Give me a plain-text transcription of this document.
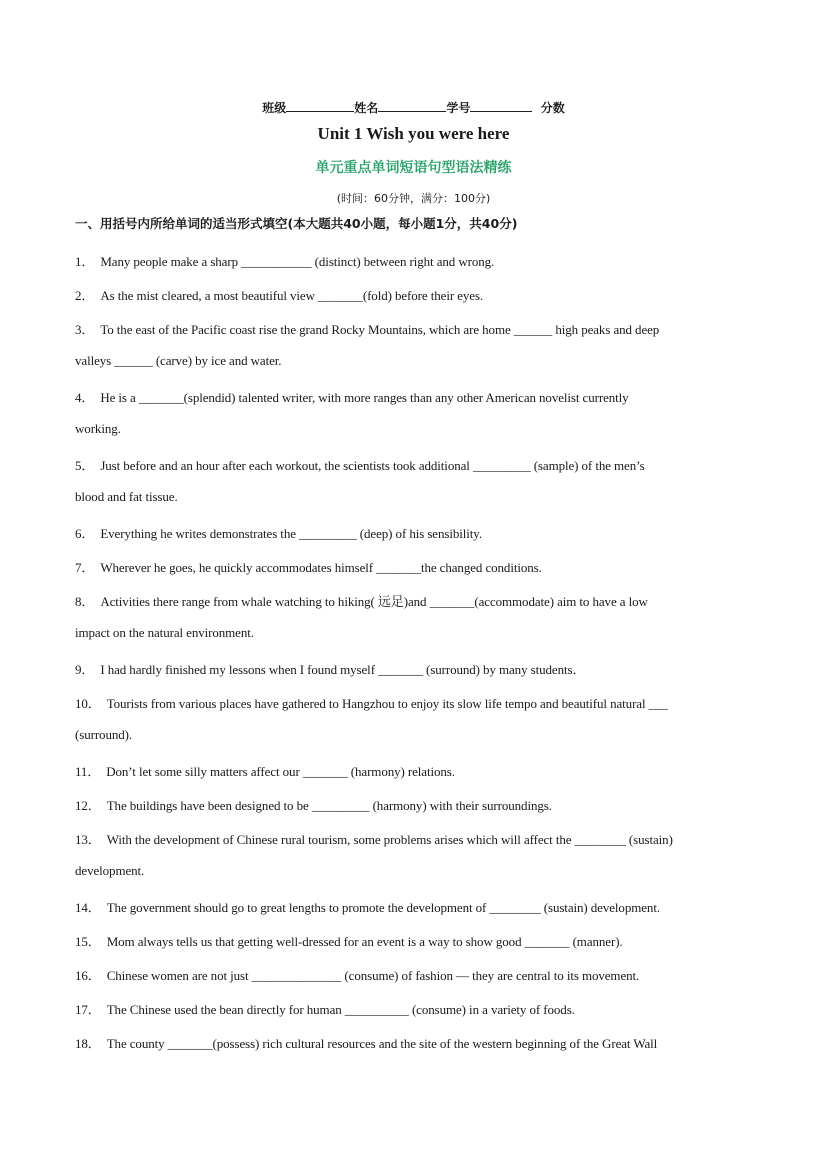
班级	姓名	学号	分数
Unit 1 Wish you were here
单元重点单词短语句型语法精练
(时间：60分钟，满分：100分)
一、用括号内所给单词的适当形式填空(本大题共40小题，每小题1分，共40分)
1． Many people make a sharp ___________ (distinct) between right and wrong.
2． As the mist cleared, a most beautiful view _______(fold) before their eyes.
3． To the east of the Pacific coast rise the grand Rocky Mountains, which are home ______ high peaks and deep
valleys ______ (carve) by ice and water.
4． He is a _______(splendid) talented writer, with more ranges than any other American novelist currently
working.
5． Just before and an hour after each workout, the scientists took additional _________ (sample) of the men’s
blood and fat tissue.
6． Everything he writes demonstrates the _________ (deep) of his sensibility.
7． Wherever he goes, he quickly accommodates himself _______the changed conditions.
8． Activities there range from whale watching to hiking( 远足)and _______(accommodate) aim to have a low
impact on the natural environment.
9． I had hardly finished my lessons when I found myself _______ (surround) by many students．
10． Tourists from various places have gathered to Hangzhou to enjoy its slow life tempo and beautiful natural ___
(surround).
11． Don’t let some silly matters affect our _______ (harmony) relations.
12． The buildings have been designed to be _________ (harmony) with their surroundings.
13． With the development of Chinese rural tourism, some problems arises which will affect the ________ (sustain)
development.
14． The government should go to great lengths to promote the development of ________ (sustain) development.
15． Mom always tells us that getting well-dressed for an event is a way to show good _______ (manner).
16． Chinese women are not just ______________ (consume) of fashion — they are central to its movement.
17． The Chinese used the bean directly for human __________ (consume) in a variety of foods.
18． The county _______(possess) rich cultural resources and the site of the western beginning of the Great Wall
